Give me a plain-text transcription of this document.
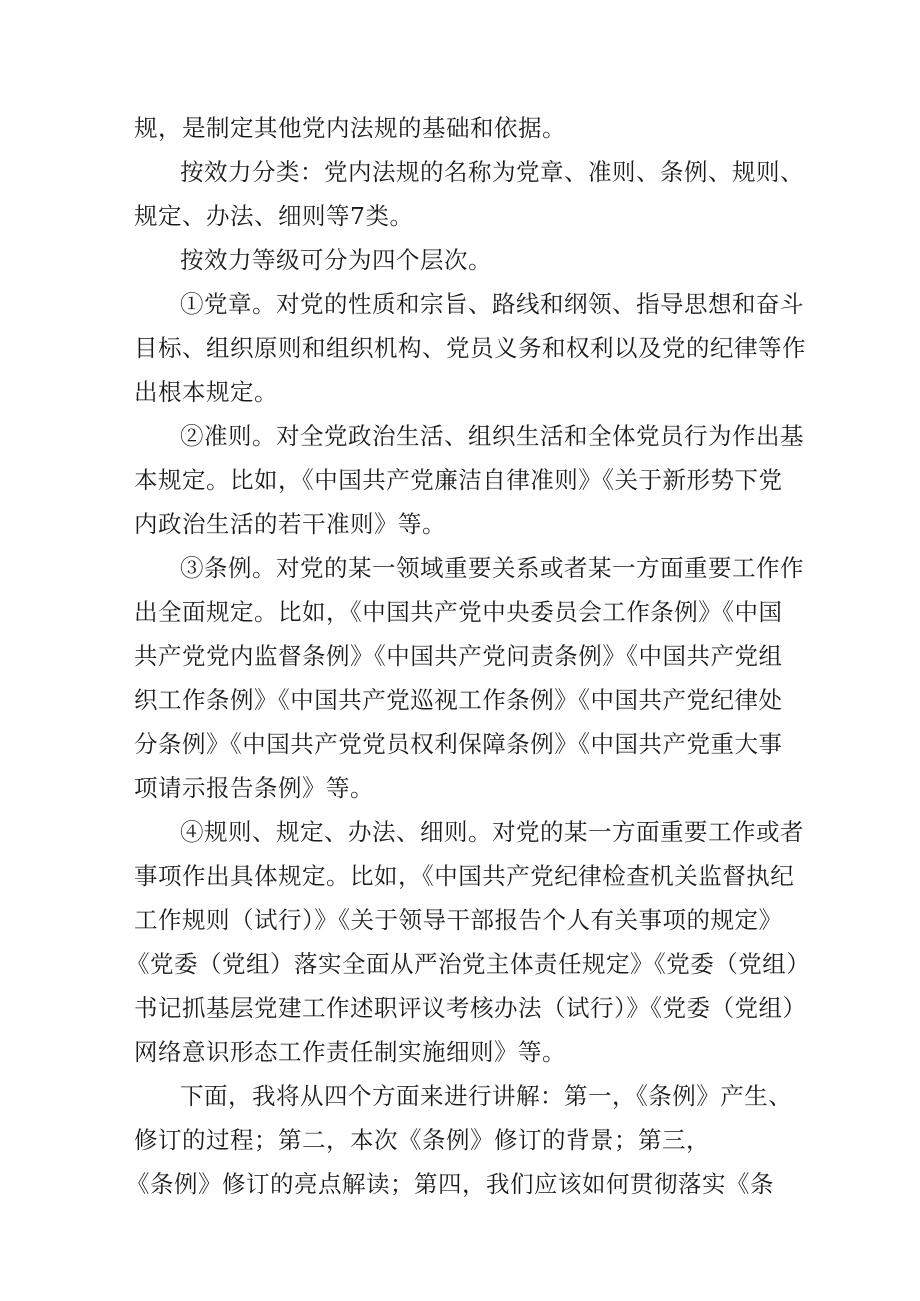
规，是制定其他党内法规的基础和依据。
按效力分类：党内法规的名称为党章、准则、条例、规则、
规定、办法、细则等7类。
按效力等级可分为四个层次。
①党章。对党的性质和宗旨、路线和纲领、指导思想和奋斗
目标、组织原则和组织机构、党员义务和权利以及党的纪律等作
出根本规定。
②准则。对全党政治生活、组织生活和全体党员行为作出基
本规定。比如，《中国共产党廉洁自律准则》《关于新形势下党
内政治生活的若干准则》等。
③条例。对党的某一领域重要关系或者某一方面重要工作作
出全面规定。比如，《中国共产党中央委员会工作条例》《中国
共产党党内监督条例》《中国共产党问责条例》《中国共产党组
织工作条例》《中国共产党巡视工作条例》《中国共产党纪律处
分条例》《中国共产党党员权利保障条例》《中国共产党重大事
项请示报告条例》等。
④规则、规定、办法、细则。对党的某一方面重要工作或者
事项作出具体规定。比如，《中国共产党纪律检查机关监督执纪
工作规则（试行）》《关于领导干部报告个人有关事项的规定》
《党委（党组）落实全面从严治党主体责任规定》《党委（党组）
书记抓基层党建工作述职评议考核办法（试行）》《党委（党组）
网络意识形态工作责任制实施细则》等。
下面，我将从四个方面来进行讲解：第一，《条例》产生、
修订的过程；第二，本次《条例》修订的背景；第三，
《条例》修订的亮点解读；第四，我们应该如何贯彻落实《条
